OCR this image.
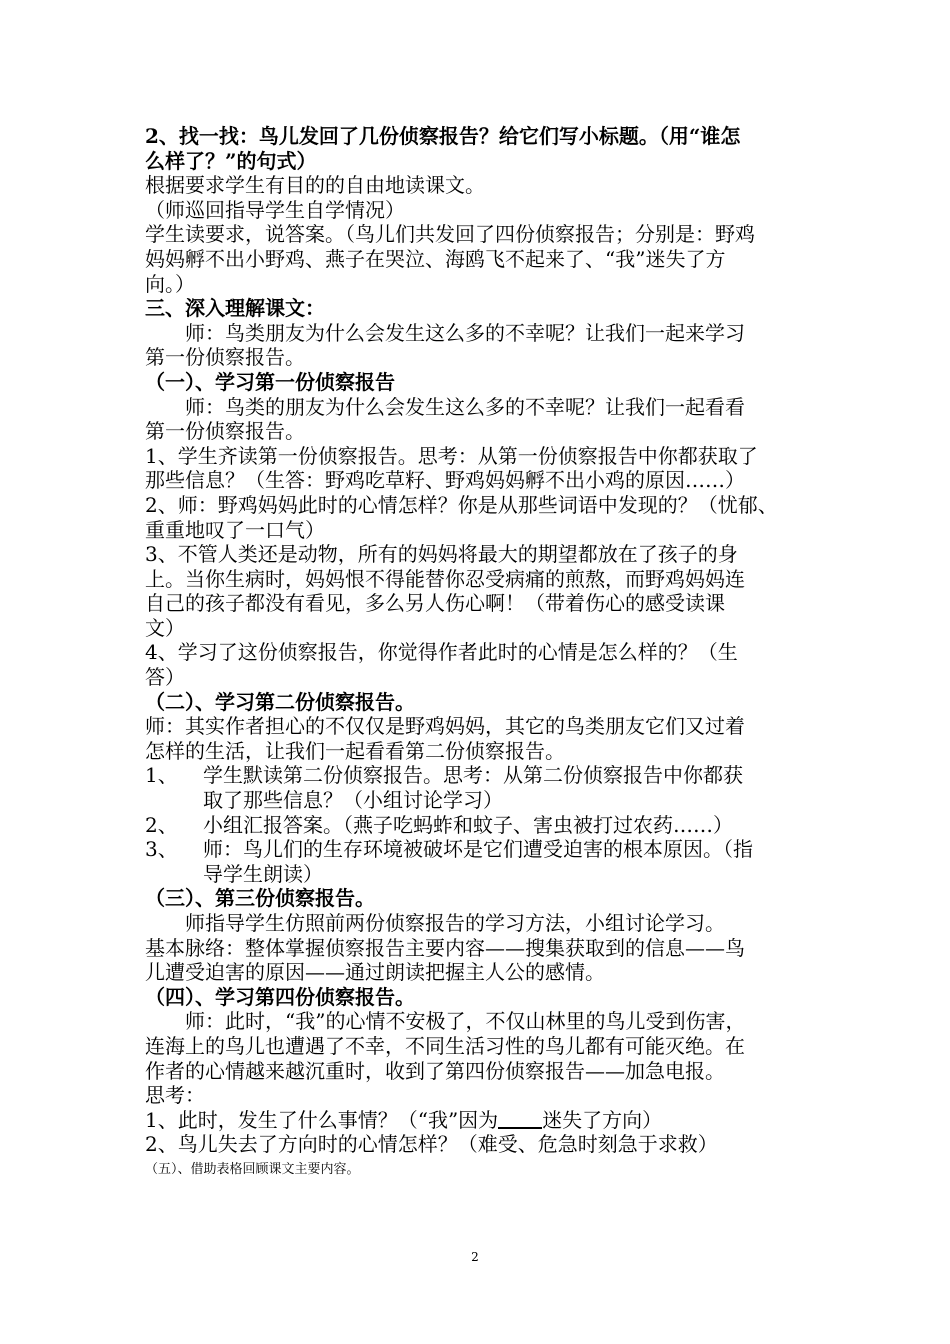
2、找一找：鸟儿发回了几份侦察报告？给它们写小标题。（用“谁怎

么样了？”的句式）

根据要求学生有目的的自由地读课文。

（师巡回指导学生自学情况）

学生读要求，说答案。（鸟儿们共发回了四份侦察报告；分别是：野鸡

妈妈孵不出小野鸡、燕子在哭泣、海鸥飞不起来了、“我”迷失了方

向。）

三、深入理解课文：

师：鸟类朋友为什么会发生这么多的不幸呢？让我们一起来学习

第一份侦察报告。

（一）、学习第一份侦察报告

师：鸟类的朋友为什么会发生这么多的不幸呢？让我们一起看看

第一份侦察报告。

1、学生齐读第一份侦察报告。思考：从第一份侦察报告中你都获取了

那些信息？（生答：野鸡吃草籽、野鸡妈妈孵不出小鸡的原因……）

2、师：野鸡妈妈此时的心情怎样？你是从那些词语中发现的？（忧郁、

重重地叹了一口气）

3、不管人类还是动物，所有的妈妈将最大的期望都放在了孩子的身

上。当你生病时，妈妈恨不得能替你忍受病痛的煎熬，而野鸡妈妈连

自己的孩子都没有看见，多么另人伤心啊！（带着伤心的感受读课

文）

4、学习了这份侦察报告，你觉得作者此时的心情是怎么样的？（生

答）

（二）、学习第二份侦察报告。

师：其实作者担心的不仅仅是野鸡妈妈，其它的鸟类朋友它们又过着

怎样的生活，让我们一起看看第二份侦察报告。

1、 学生默读第二份侦察报告。思考：从第二份侦察报告中你都获

取了那些信息？（小组讨论学习）

2、 小组汇报答案。（燕子吃蚂蚱和蚊子、害虫被打过农药……）

3、 师：鸟儿们的生存环境被破坏是它们遭受迫害的根本原因。（指

导学生朗读）

（三）、第三份侦察报告。

师指导学生仿照前两份侦察报告的学习方法，小组讨论学习。

基本脉络：整体掌握侦察报告主要内容——搜集获取到的信息——鸟

儿遭受迫害的原因——通过朗读把握主人公的感情。

（四）、学习第四份侦察报告。

师：此时，“我”的心情不安极了，不仅山林里的鸟儿受到伤害，

连海上的鸟儿也遭遇了不幸，不同生活习性的鸟儿都有可能灭绝。在

作者的心情越来越沉重时，收到了第四份侦察报告——加急电报。

思考：

1、此时，发生了什么事情？（“我”因为 迷失了方向）

2、鸟儿失去了方向时的心情怎样？（难受、危急时刻急于求救）

（五）、借助表格回顾课文主要内容。

2
